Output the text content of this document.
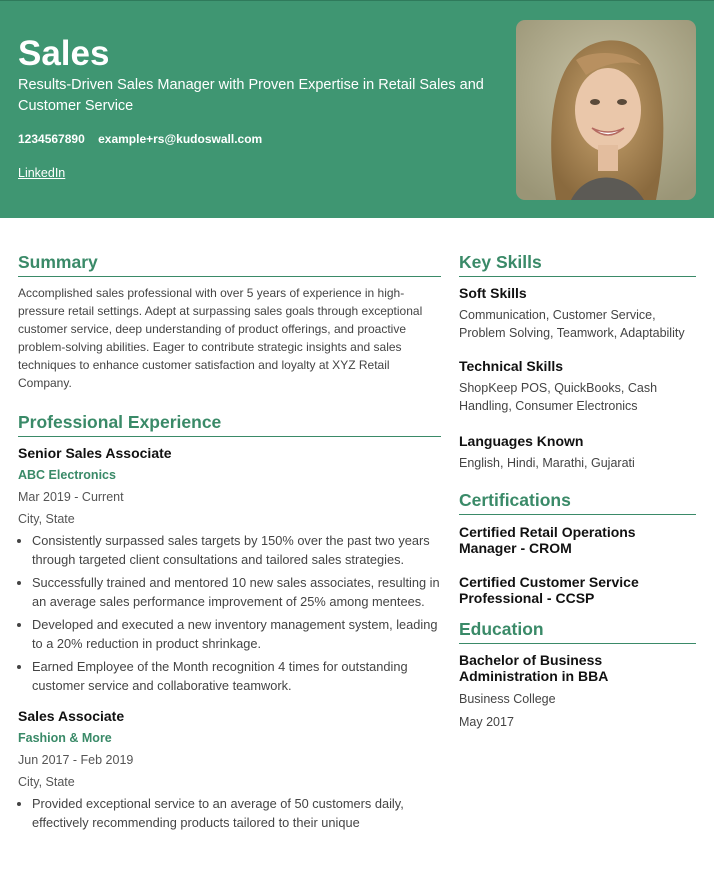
Sales
Results-Driven Sales Manager with Proven Expertise in Retail Sales and Customer Service
1234567890 example+rs@kudoswall.com
LinkedIn
Summary
Accomplished sales professional with over 5 years of experience in high-pressure retail settings. Adept at surpassing sales goals through exceptional customer service, deep understanding of product offerings, and proactive problem-solving abilities. Eager to contribute strategic insights and sales techniques to enhance customer satisfaction and loyalty at XYZ Retail Company.
Professional Experience
Senior Sales Associate
ABC Electronics
Mar 2019 - Current
City, State
• Consistently surpassed sales targets by 150% over the past two years through targeted client consultations and tailored sales strategies.
• Successfully trained and mentored 10 new sales associates, resulting in an average sales performance improvement of 25% among mentees.
• Developed and executed a new inventory management system, leading to a 20% reduction in product shrinkage.
• Earned Employee of the Month recognition 4 times for outstanding customer service and collaborative teamwork.
Sales Associate
Fashion & More
Jun 2017 - Feb 2019
City, State
• Provided exceptional service to an average of 50 customers daily, effectively recommending products tailored to their unique
Key Skills
Soft Skills
Communication, Customer Service, Problem Solving, Teamwork, Adaptability
Technical Skills
ShopKeep POS, QuickBooks, Cash Handling, Consumer Electronics
Languages Known
English, Hindi, Marathi, Gujarati
Certifications
Certified Retail Operations Manager - CROM
Certified Customer Service Professional - CCSP
Education
Bachelor of Business Administration in BBA
Business College
May 2017
